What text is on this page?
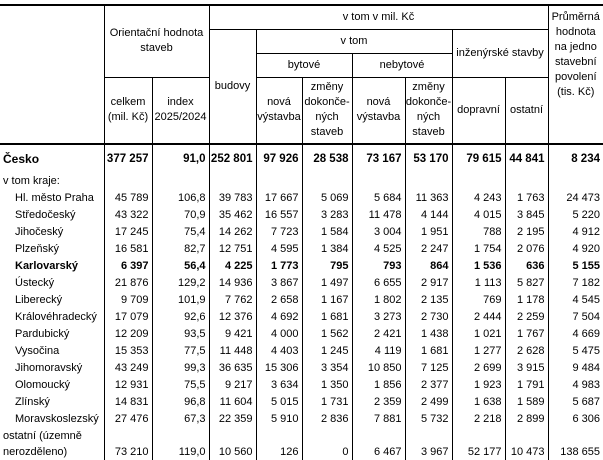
	Orientační hodnota staveb		v tom v mil. Kč							Průměrná hodnota na jedno stavební povolení (tis. Kč)
			budovy	v tom				inženýrské stavby		
				bytové		nebytové				
	celkem (mil. Kč)	index 2025/2024		nová výstavba	změny dokonče-ných staveb	nová výstavba	změny dokonče-ných staveb	dopravní	ostatní	
Česko	377 257	91,0	252 801	97 926	28 538	73 167	53 170	79 615	44 841	8 234
v tom kraje:										
Hl. město Praha	45 789	106,8	39 783	17 667	5 069	5 684	11 363	4 243	1 763	24 473
Středočeský	43 322	70,9	35 462	16 557	3 283	11 478	4 144	4 015	3 845	5 220
Jihočeský	17 245	75,4	14 262	7 723	1 584	3 004	1 951	788	2 195	4 912
Plzeňský	16 581	82,7	12 751	4 595	1 384	4 525	2 247	1 754	2 076	4 920
Karlovarský	6 397	56,4	4 225	1 773	795	793	864	1 536	636	5 155
Ústecký	21 876	129,2	14 936	3 867	1 497	6 655	2 917	1 113	5 827	7 182
Liberecký	9 709	101,9	7 762	2 658	1 167	1 802	2 135	769	1 178	4 545
Královéhradecký	17 079	92,6	12 376	4 692	1 681	3 273	2 730	2 444	2 259	7 504
Pardubický	12 209	93,5	9 421	4 000	1 562	2 421	1 438	1 021	1 767	4 669
Vysočina	15 353	77,5	11 448	4 403	1 245	4 119	1 681	1 277	2 628	5 475
Jihomoravský	43 249	99,3	36 635	15 306	3 354	10 850	7 125	2 699	3 915	9 484
Olomoucký	12 931	75,5	9 217	3 634	1 350	1 856	2 377	1 923	1 791	4 983
Zlínský	14 831	96,8	11 604	5 015	1 731	2 359	2 499	1 638	1 589	5 687
Moravskoslezský	27 476	67,3	22 359	5 910	2 836	7 881	5 732	2 218	2 899	6 306
ostatní (územně nerozděleno)	73 210	119,0	10 560	126	0	6 467	3 967	52 177	10 473	138 655
